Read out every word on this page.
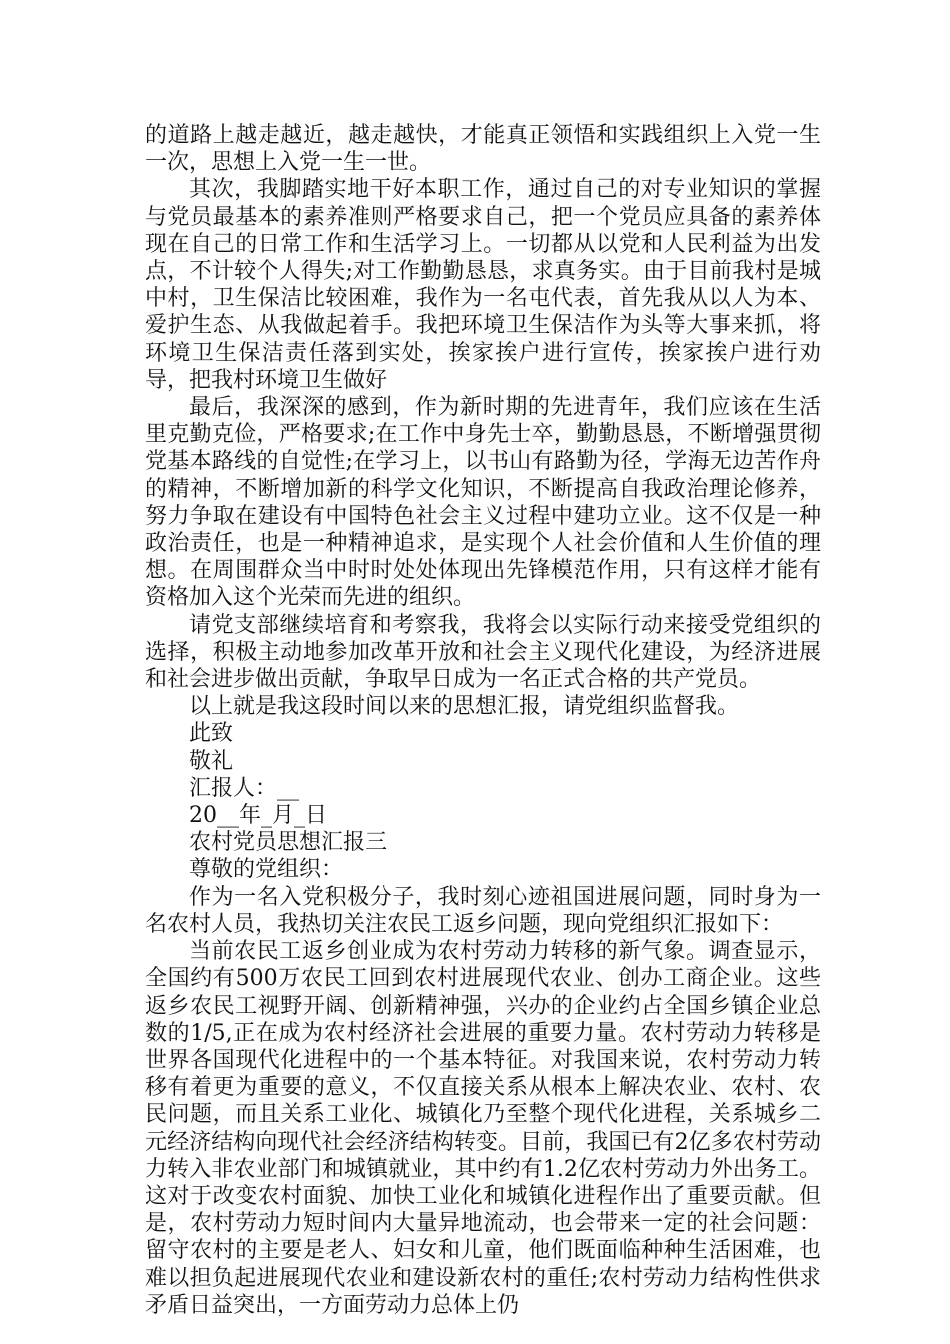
的道路上越走越近，越走越快，才能真正领悟和实践组织上入党一生一次，思想上入党一生一世。

其次，我脚踏实地干好本职工作，通过自己的对专业知识的掌握与党员最基本的素养准则严格要求自己，把一个党员应具备的素养体现在自己的日常工作和生活学习上。一切都从以党和人民利益为出发点，不计较个人得失;对工作勤勤恳恳，求真务实。由于目前我村是城中村，卫生保洁比较困难，我作为一名屯代表，首先我从以人为本、爱护生态、从我做起着手。我把环境卫生保洁作为头等大事来抓，将环境卫生保洁责任落到实处，挨家挨户进行宣传，挨家挨户进行劝导，把我村环境卫生做好

最后，我深深的感到，作为新时期的先进青年，我们应该在生活里克勤克俭，严格要求;在工作中身先士卒，勤勤恳恳，不断增强贯彻党基本路线的自觉性;在学习上，以书山有路勤为径，学海无边苦作舟的精神，不断增加新的科学文化知识，不断提高自我政治理论修养，努力争取在建设有中国特色社会主义过程中建功立业。这不仅是一种政治责任，也是一种精神追求，是实现个人社会价值和人生价值的理想。在周围群众当中时时处处体现出先锋模范作用，只有这样才能有资格加入这个光荣而先进的组织。

请党支部继续培育和考察我，我将会以实际行动来接受党组织的选择，积极主动地参加改革开放和社会主义现代化建设，为经济进展和社会进步做出贡献，争取早日成为一名正式合格的共产党员。

以上就是我这段时间以来的思想汇报，请党组织监督我。

此致

敬礼

汇报人：__

20__年_月_日

农村党员思想汇报三

尊敬的党组织：

作为一名入党积极分子，我时刻心迹祖国进展问题，同时身为一名农村人员，我热切关注农民工返乡问题，现向党组织汇报如下：

当前农民工返乡创业成为农村劳动力转移的新气象。调查显示，全国约有500万农民工回到农村进展现代农业、创办工商企业。这些返乡农民工视野开阔、创新精神强，兴办的企业约占全国乡镇企业总数的1/5,正在成为农村经济社会进展的重要力量。农村劳动力转移是世界各国现代化进程中的一个基本特征。对我国来说，农村劳动力转移有着更为重要的意义，不仅直接关系从根本上解决农业、农村、农民问题，而且关系工业化、城镇化乃至整个现代化进程，关系城乡二元经济结构向现代社会经济结构转变。目前，我国已有2亿多农村劳动力转入非农业部门和城镇就业，其中约有1.2亿农村劳动力外出务工。这对于改变农村面貌、加快工业化和城镇化进程作出了重要贡献。但是，农村劳动力短时间内大量异地流动，也会带来一定的社会问题：留守农村的主要是老人、妇女和儿童，他们既面临种种生活困难，也难以担负起进展现代农业和建设新农村的重任;农村劳动力结构性供求矛盾日益突出，一方面劳动力总体上仍
